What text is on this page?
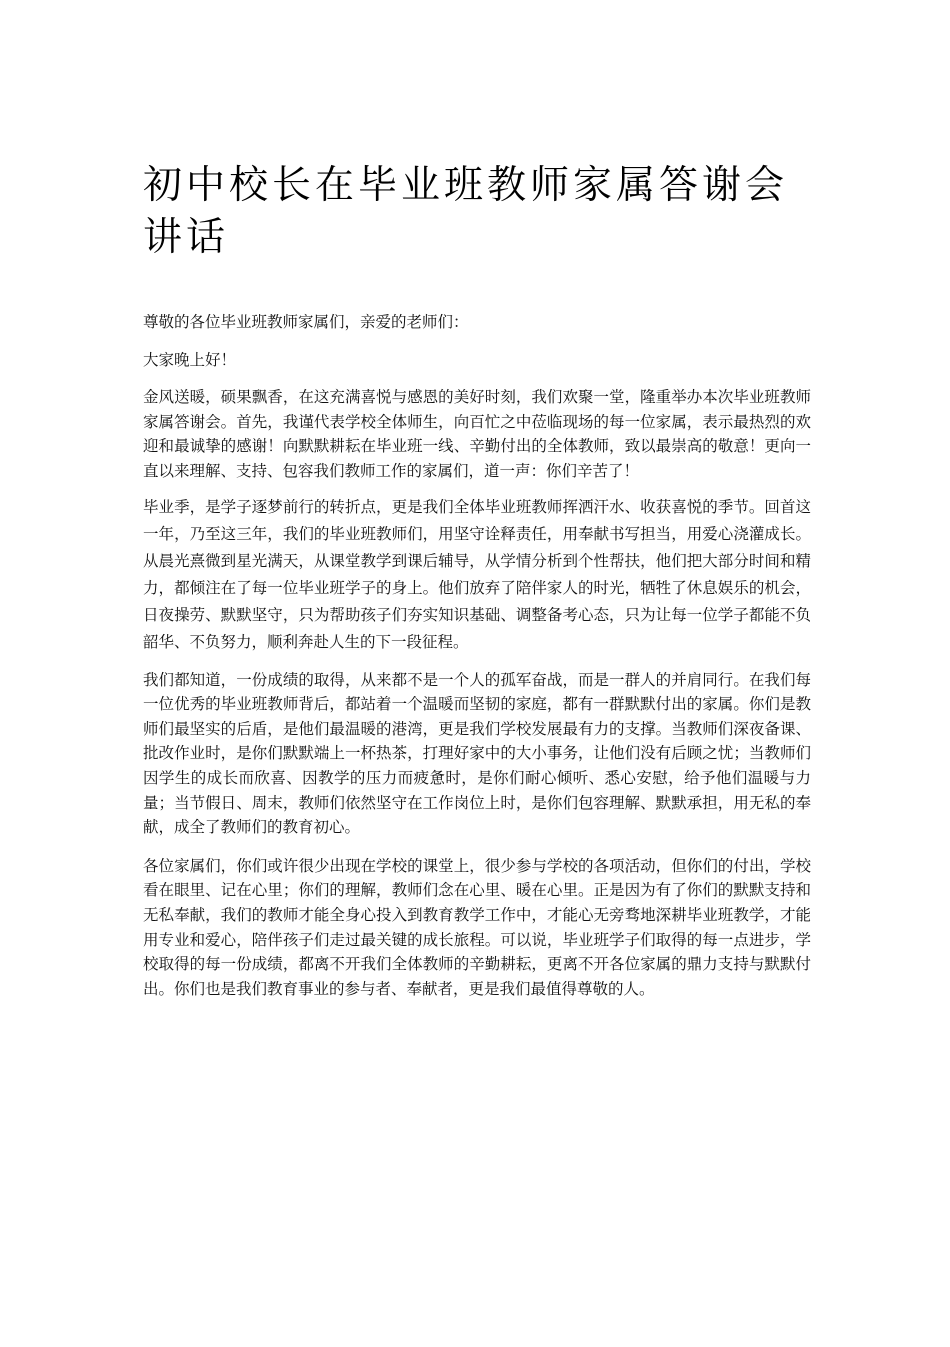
初中校长在毕业班教师家属答谢会讲话

尊敬的各位毕业班教师家属们，亲爱的老师们：

大家晚上好！

金风送暖，硕果飘香，在这充满喜悦与感恩的美好时刻，我们欢聚一堂，隆重举办本次毕业班教师家属答谢会。首先，我谨代表学校全体师生，向百忙之中莅临现场的每一位家属，表示最热烈的欢迎和最诚挚的感谢！向默默耕耘在毕业班一线、辛勤付出的全体教师，致以最崇高的敬意！更向一直以来理解、支持、包容我们教师工作的家属们，道一声：你们辛苦了！

毕业季，是学子逐梦前行的转折点，更是我们全体毕业班教师挥洒汗水、收获喜悦的季节。回首这一年，乃至这三年，我们的毕业班教师们，用坚守诠释责任，用奉献书写担当，用爱心浇灌成长。从晨光熹微到星光满天，从课堂教学到课后辅导，从学情分析到个性帮扶，他们把大部分时间和精力，都倾注在了每一位毕业班学子的身上。他们放弃了陪伴家人的时光，牺牲了休息娱乐的机会，日夜操劳、默默坚守，只为帮助孩子们夯实知识基础、调整备考心态，只为让每一位学子都能不负韶华、不负努力，顺利奔赴人生的下一段征程。

我们都知道，一份成绩的取得，从来都不是一个人的孤军奋战，而是一群人的并肩同行。在我们每一位优秀的毕业班教师背后，都站着一个温暖而坚韧的家庭，都有一群默默付出的家属。你们是教师们最坚实的后盾，是他们最温暖的港湾，更是我们学校发展最有力的支撑。当教师们深夜备课、批改作业时，是你们默默端上一杯热茶，打理好家中的大小事务，让他们没有后顾之忧；当教师们因学生的成长而欣喜、因教学的压力而疲惫时，是你们耐心倾听、悉心安慰，给予他们温暖与力量；当节假日、周末，教师们依然坚守在工作岗位上时，是你们包容理解、默默承担，用无私的奉献，成全了教师们的教育初心。

各位家属们，你们或许很少出现在学校的课堂上，很少参与学校的各项活动，但你们的付出，学校看在眼里、记在心里；你们的理解，教师们念在心里、暖在心里。正是因为有了你们的默默支持和无私奉献，我们的教师才能全身心投入到教育教学工作中，才能心无旁骛地深耕毕业班教学，才能用专业和爱心，陪伴孩子们走过最关键的成长旅程。可以说，毕业班学子们取得的每一点进步，学校取得的每一份成绩，都离不开我们全体教师的辛勤耕耘，更离不开各位家属的鼎力支持与默默付出。你们也是我们教育事业的参与者、奉献者，更是我们最值得尊敬的人。
